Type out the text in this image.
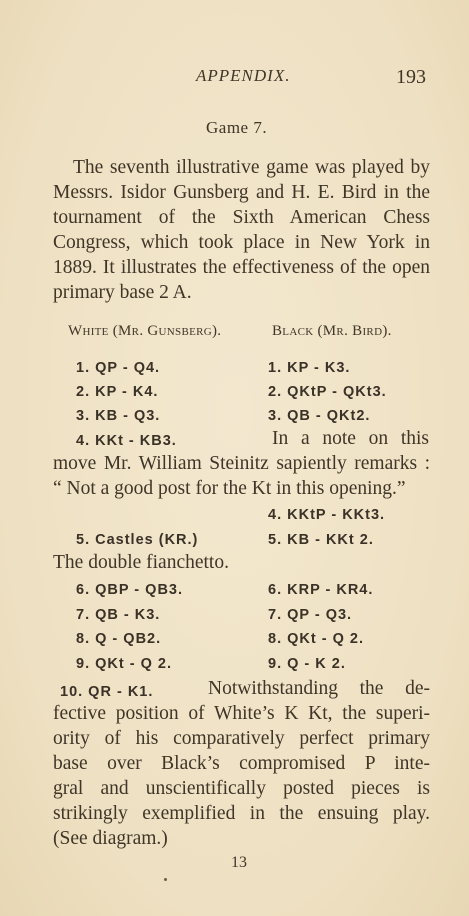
APPENDIX.	193
Game 7.

The seventh illustrative game was played by Messrs. Isidor Gunsberg and H. E. Bird in the tournament of the Sixth American Chess Congress, which took place in New York in 1889. It illustrates the effectiveness of the open primary base 2 A.

White (Mr. Gunsberg).	Black (Mr. Bird).
1. QP - Q4.	1. KP - K3.
2. KP - K4.	2. QKtP - QKt3.
3. KB - Q3.	3. QB - QKt2.
4. KKt - KB3.	In a note on this
move Mr. William Steinitz sapiently remarks :
“ Not a good post for the Kt in this opening.”
4. KKtP - KKt3.
5. Castles (KR.)	5. KB - KKt 2.
The double fianchetto.
6. QBP - QB3.	6. KRP - KR4.
7. QB - K3.	7. QP - Q3.
8. Q - QB2.	8. QKt - Q 2.
9. QKt - Q 2.	9. Q - K 2.
10. QR - K1.	Notwithstanding the de-
fective position of White’s K Kt, the superi-
ority of his comparatively perfect primary
base over Black’s compromised P inte-
gral and unscientifically posted pieces is
strikingly exemplified in the ensuing play.
(See diagram.)
13
